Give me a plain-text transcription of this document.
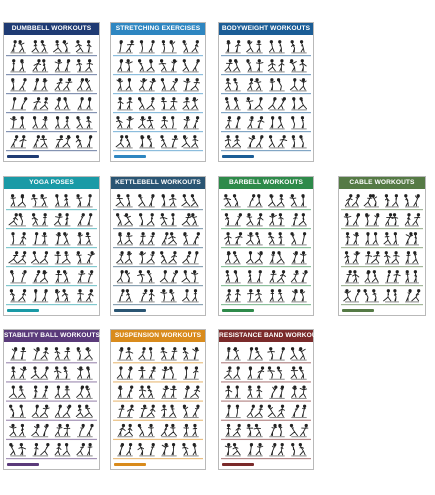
DUMBBELL WORKOUTS	STRETCHING EXERCISES	BODYWEIGHT WORKOUTS
YOGA POSES	KETTLEBELL WORKOUTS	BARBELL WORKOUTS	CABLE WORKOUTS
STABILITY BALL WORKOUTS	SUSPENSION WORKOUTS	RESISTANCE BAND WORKOUTS
